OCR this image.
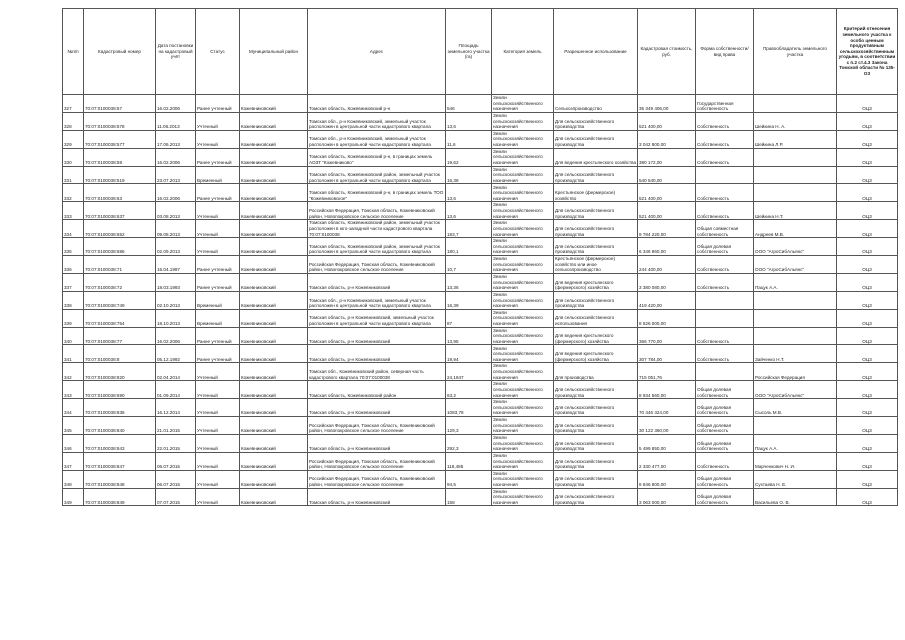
№п/п	Кадастровый номер	Дата постановки на кадастровый учёт	Статус	Муниципальный район	Адрес	Площадь земельного участка (га)	Категория земель	Разрешенное использование	Кадастровая стоимость, руб.	Форма собственности/вид права	Правообладатель земельного участка	Критерий отнесения земельного участка к особо ценным продуктивным сельскохозяйственным угодьям, в соответствии с п.2 ст.4.3 Закона Томской области № 135-ОЗ
327	70:07:0100038:57	16.02.2006	Ранее учтенный	Кожевниковский	Томская область, Кожевниковский р-н	546	Земли сельскохозяйственного назначения	Сельхозпроизводство	35 349 406,00	Государственная собственность		ОЦ3
328	70:07:0100038:578	11.06.2013	Учтенный	Кожевниковский	Томская обл., р-н Кожевниковский, земельный участок расположен в центральной части кадастрового квартала	13,6	Земли сельскохозяйственного назначения	Для сельскохозяйственного производства	521 400,00	Собственность	Шейкина Н. А.	ОЦ3
329	70:07:0100038:577	17.06.2013	Учтенный	Кожевниковский	Томская обл., р-н Кожевниковский, земельный участок расположен в центральной части кадастрового квартала	11,6	Земли сельскохозяйственного назначения	Для сельскохозяйственного производства	3 042 800,00	Собственность	Шейкина Л.Р.	ОЦ3
330	70:07:0100038:58	16.02.2006	Ранее учтенный	Кожевниковский	Томская область, Кожевниковский р-н, в границах земель АОЗТ "Кожевниково"	19,62	Земли сельскохозяйственного назначения	Для ведения крестьянского хозяйства	380 172,00	Собственность		ОЦ3
331	70:07:0100038:519	23.07.2013	Временный	Кожевниковский	Томская область, Кожевниковский район, земельный участок расположен в центральной части кадастрового квартала	16,38	Земли сельскохозяйственного назначения	Для сельскохозяйственного производства	540 540,00			ОЦ3
332	70:07:0100038:63	16.02.2006	Ранее учтенный	Кожевниковский	Томская область, Кожевниковский р-н, в границах земель ТОО "Кожевниковское"	13,6	Земли сельскохозяйственного назначения	Крестьянское (фермерское) хозяйство	521 400,00	Собственность		ОЦ3
333	70:07:0100038:637	03.08.2013	Учтенный	Кожевниковский	Российская Федерация, Томская область, Кожевниковский район, Новопокровское сельское поселение	13,6	Земли сельскохозяйственного назначения	Для сельскохозяйственного производства	521 400,00	Собственность	Шейкина Н.Т.	ОЦ3
334	70:07:0100038:652	09.08.2013	Учтенный	Кожевниковский	Томская область, Кожевниковский район, земельный участок расположен в юго-западной части кадастрового квартала 70:07:0100038	183,7	Земли сельскохозяйственного назначения	Для сельскохозяйственного производства	9 784 220,00	Общая совместная собственность	Андреев М.В.	ОЦ3
335	70:07:0100038:686	02.09.2013	Учтенный	Кожевниковский	Томская область, Кожевниковский район, земельный участок расположен в центральной части кадастрового квартала	180,1	Земли сельскохозяйственного назначения	Для сельскохозяйственного производства	6 346 860,00	Общая долевая собственность	ООО "АгроСибАльянс"	ОЦ3
336	70:07:0100038:71	15.04.1997	Ранее учтенный	Кожевниковский	Российская Федерация, Томская область, Кожевниковский район, Новопокровское сельское поселение	10,7	Земли сельскохозяйственного назначения	Крестьянское (фермерское) хозяйство или иное сельхозпроизводство	244 400,00	Собственность	ООО "АгроСибАльянс"	ОЦ3
337	70:07:0100038:72	18.03.1993	Ранее учтенный	Кожевниковский	Томская область, р-н Кожевниковский	13,36	Земли сельскохозяйственного назначения	Для ведения крестьянского (фермерского) хозяйства	3 380 080,00	Собственность	Пацук А.А.	ОЦ3
338	70:07:0100038:749	02.10.2013	Временный	Кожевниковский	Томская обл., р-н Кожевниковский, земельный участок расположен в центральной части кадастрового квартала	16,39	Земли сельскохозяйственного назначения	Для сельскохозяйственного производства	419 420,00			ОЦ3
339	70:07:0100038:764	18.10.2013	Временный	Кожевниковский	Томская область, р-н Кожевниковский, земельный участок расположен в центральной части кадастрового квартала	87	Земли сельскохозяйственного назначения	Для сельскохозяйственного использования	8 526 000,00			ОЦ3
340	70:07:0100038:77	16.02.2006	Ранее учтенный	Кожевниковский	Томская область, р-н Кожевниковский	13,95	Земли сельскохозяйственного назначения	Для ведения крестьянского (фермерского) хозяйства	366 770,00	Собственность		ОЦ3
341	70:07:0100038:8	05.12.1992	Ранее учтенный	Кожевниковский	Томская область, р-н Кожевниковский	19,94	Земли сельскохозяйственного назначения	Для ведения крестьянского (фермерского) хозяйства	307 784,00	Собственность	Зайченко Н.Т.	ОЦ3
342	70:07:0100038:820	02.04.2014	Учтенный	Кожевниковский	Томская обл., Кожевниковский район, северная часть кадастрового квартала 70:07:0100038	24,1847	Земли сельскохозяйственного назначения	Для производства	715 051,76		Российская Федерация	ОЦ3
343	70:07:0100038:690	01.09.2014	Учтенный	Кожевниковский	Томская область, Кожевниковский район	63,2	Земли сельскохозяйственного назначения	Для сельскохозяйственного производства	8 934 560,00	Общая долевая собственность	ООО "АгроСибАльянс"	ОЦ3
344	70:07:0100038:836	16.12.2014	Учтенный	Кожевниковский	Томская область, р-н Кожевниковский	1083,78	Земли сельскохозяйственного назначения	Для сельскохозяйственного производства	70 446 324,00	Общая долевая собственность	Сысоль М.В.	ОЦ3
345	70:07:0100038:840	21.01.2015	Учтенный	Кожевниковский	Российская Федерация, Томская область, Кожевниковский район, Новопокровское сельское поселение	129,3	Земли сельскохозяйственного назначения	Для сельскохозяйственного производства	30 122 360,00	Общая долевая собственность		ОЦ3
346	70:07:0100038:843	22.01.2015	Учтенный	Кожевниковский	Томская область, р-н Кожевниковский	292,3	Земли сельскохозяйственного назначения	Для сельскохозяйственного производства	5 499 850,00	Общая долевая собственность	Пацук А.А.	ОЦ3
347	70:07:0100038:847	06.07.2015	Учтенный	Кожевниковский	Российская Федерация, Томская область, Кожевниковский район, Новопокровское сельское поселение	118,485	Земли сельскохозяйственного назначения	Для сельскохозяйственного производства	2 330 477,00	Собственность	Марченкович Н. И.	ОЦ3
348	70:07:0100038:848	06.07.2015	Учтенный	Кожевниковский	Российская Федерация, Томская область, Кожевниковский район, Новопокровское сельское поселение	94,5	Земли сельскохозяйственного назначения	Для сельскохозяйственного производства	8 846 800,00	Общая долевая собственность	Сухтаева Н. Е.	ОЦ3
349	70:07:0100038:849	07.07.2015	Учтенный	Кожевниковский	Томская область, р-н Кожевниковский	158	Земли сельскохозяйственного назначения	Для сельскохозяйственного производства	3 063 000,00	Общая долевая собственность	Васильева О. В.	ОЦ3
